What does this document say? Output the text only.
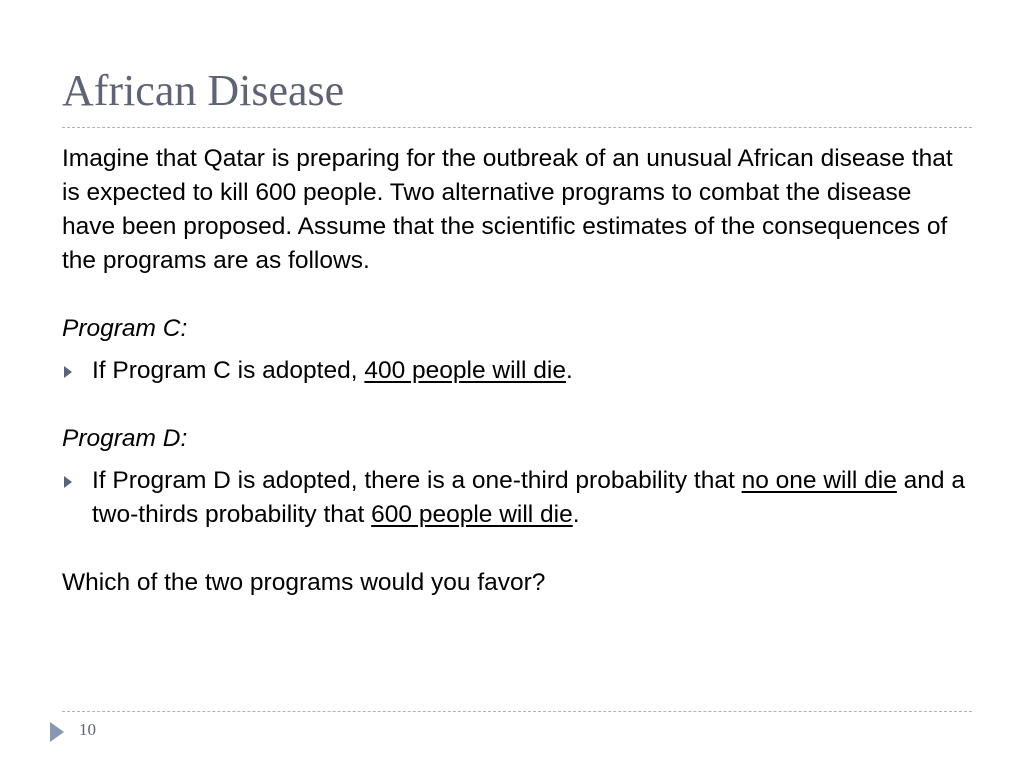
African Disease

Imagine that Qatar is preparing for the outbreak of an unusual African disease that is expected to kill 600 people. Two alternative programs to combat the disease have been proposed. Assume that the scientific estimates of the consequences of the programs are as follows.

Program C:

If Program C is adopted, 400 people will die.

Program D:

If Program D is adopted, there is a one-third probability that no one will die and a two-thirds probability that 600 people will die.

Which of the two programs would you favor?

10
